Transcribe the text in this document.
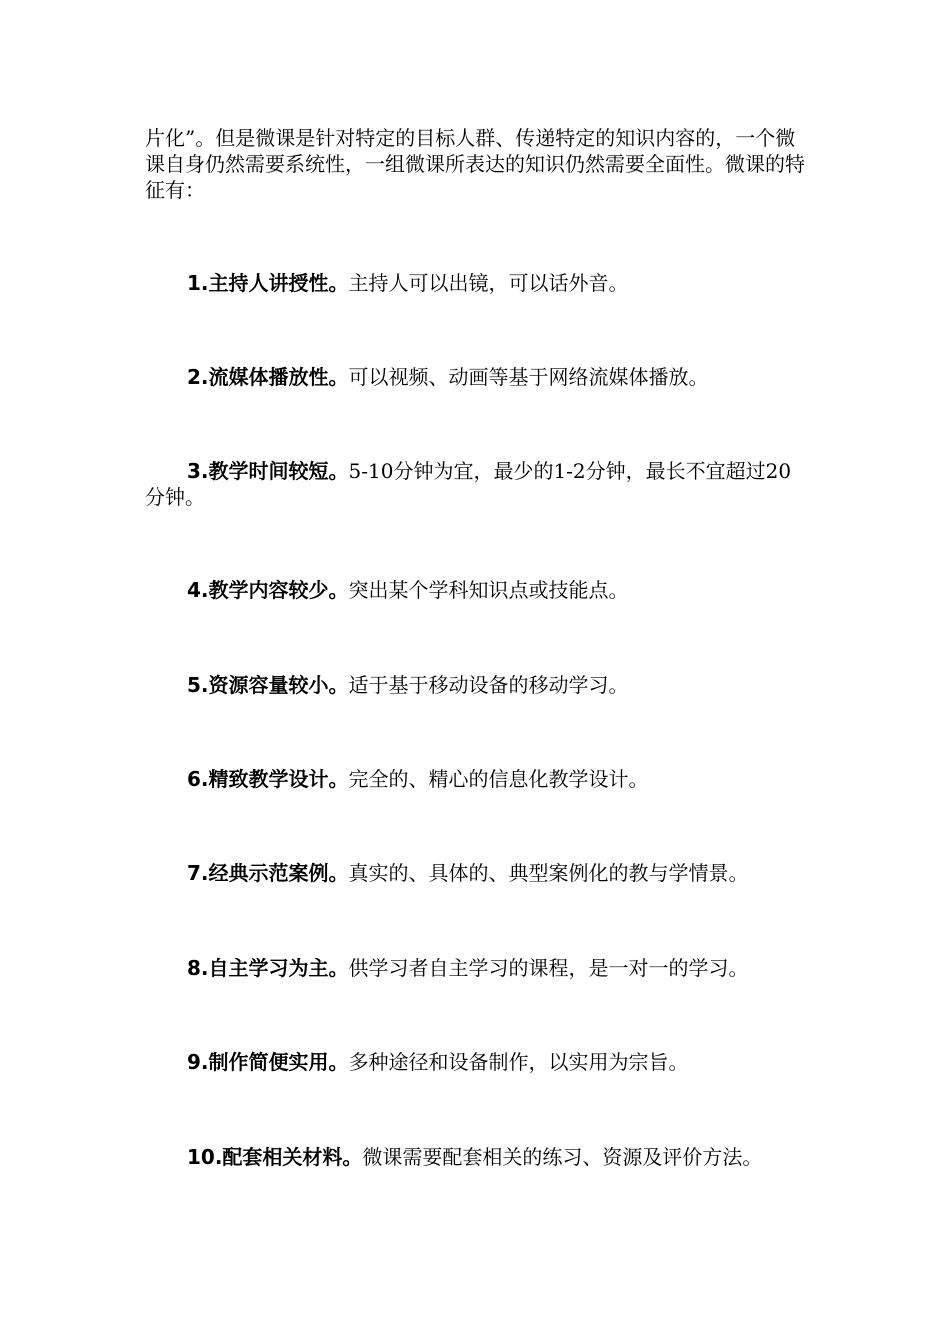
片化”。但是微课是针对特定的目标人群、传递特定的知识内容的，一个微课自身仍然需要系统性，一组微课所表达的知识仍然需要全面性。微课的特征有：

1.主持人讲授性。主持人可以出镜，可以话外音。

2.流媒体播放性。可以视频、动画等基于网络流媒体播放。

3.教学时间较短。5-10分钟为宜，最少的1-2分钟，最长不宜超过20分钟。

4.教学内容较少。突出某个学科知识点或技能点。

5.资源容量较小。适于基于移动设备的移动学习。

6.精致教学设计。完全的、精心的信息化教学设计。

7.经典示范案例。真实的、具体的、典型案例化的教与学情景。

8.自主学习为主。供学习者自主学习的课程，是一对一的学习。

9.制作简便实用。多种途径和设备制作，以实用为宗旨。

10.配套相关材料。微课需要配套相关的练习、资源及评价方法。
